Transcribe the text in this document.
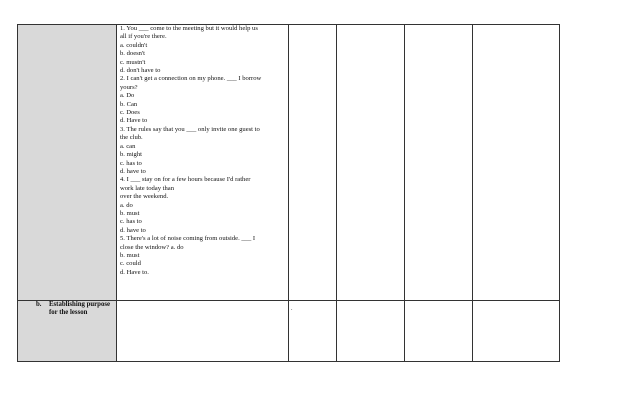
1. You ___ come to the meeting but it would help us
all if you're there.
a. couldn't
b. doesn't
c. mustn't
d. don't have to
2. I can't get a connection on my phone. ___ I borrow
yours?
a. Do
b. Can
c. Does
d. Have to
3. The rules say that you ___ only invite one guest to
the club.
a. can
b. might
c. has to
d. have to
4. I ___ stay on for a few hours because I'd rather
work late today than
over the weekend.
a. do
b. must
c. has to
d. have to
5. There's a lot of noise coming from outside. ___ I
close the window? a. do
b. must
c. could
d. Have to.
b. Establishing purpose for the lesson
.
